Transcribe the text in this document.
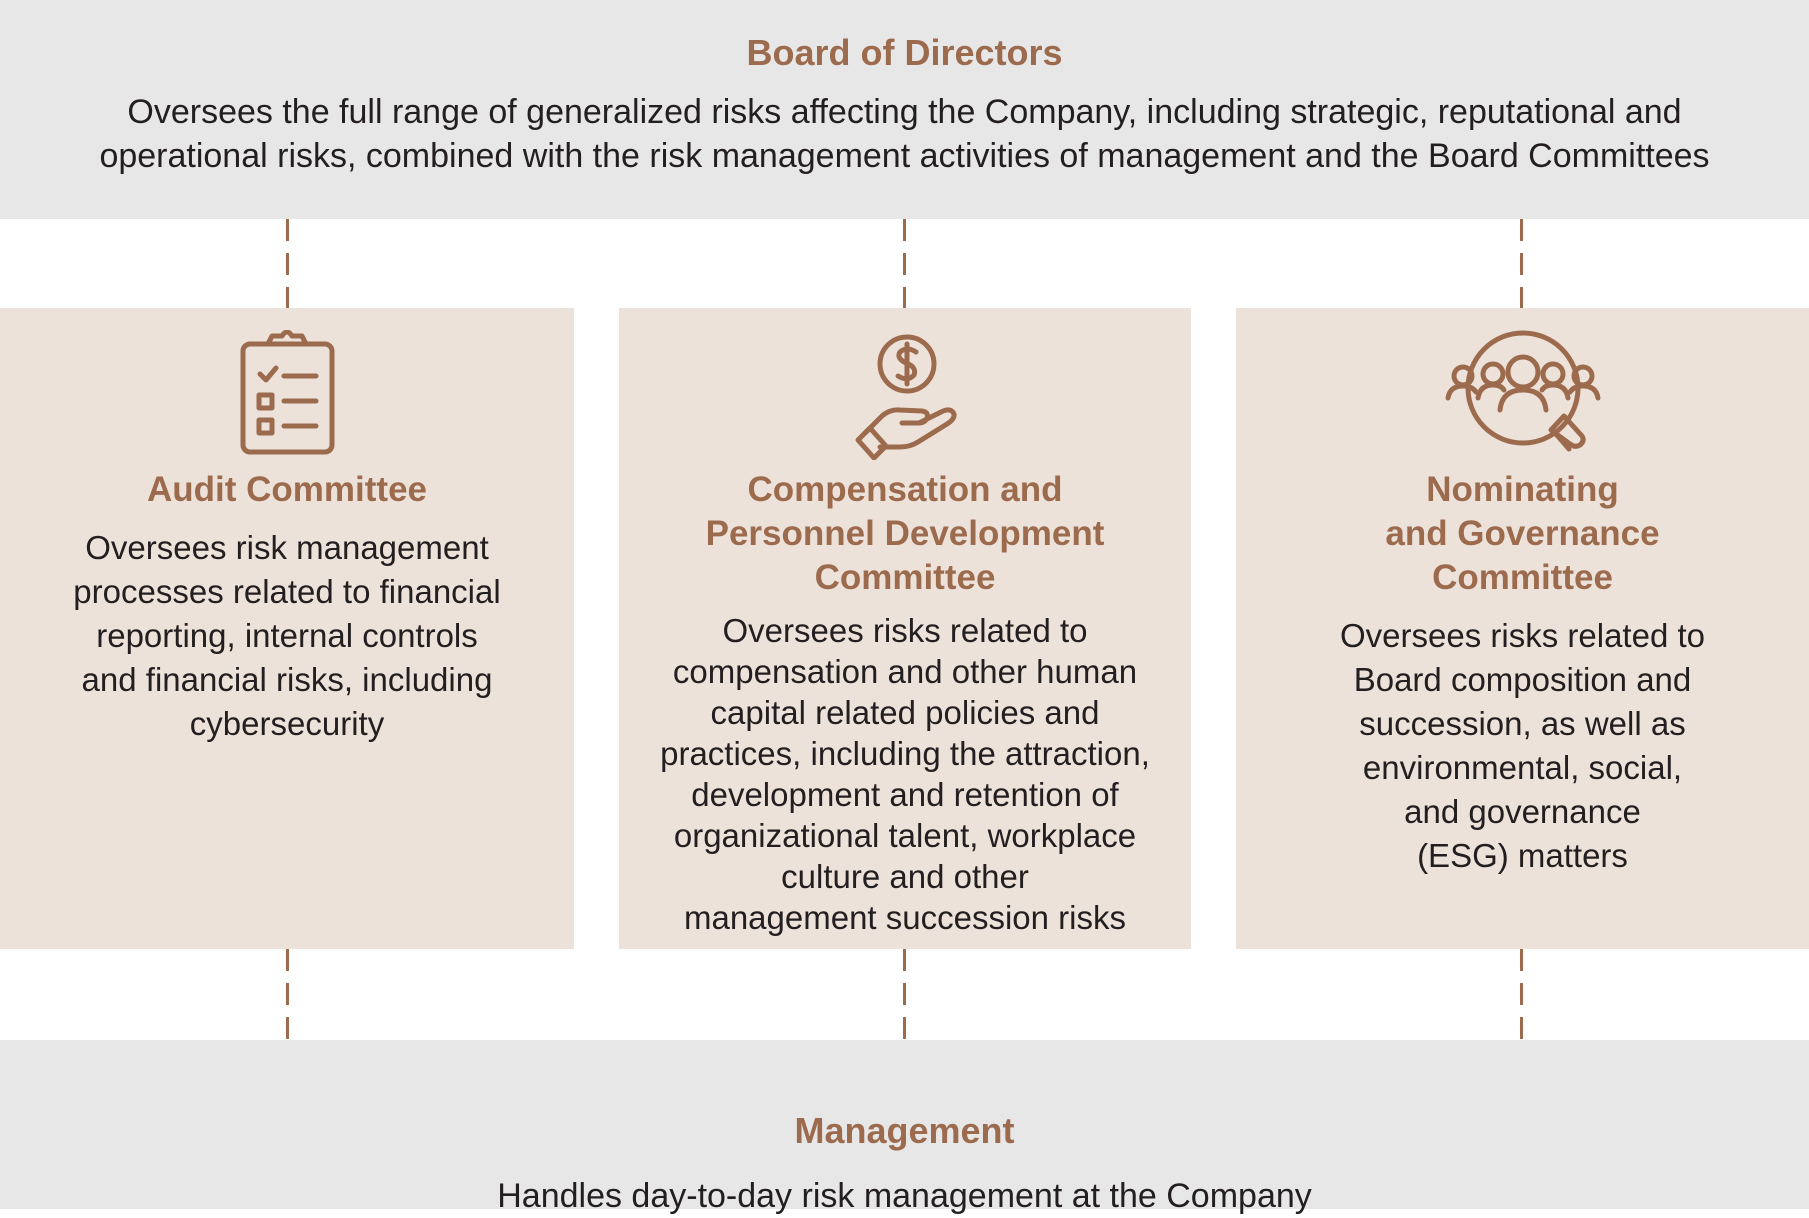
Board of Directors
Oversees the full range of generalized risks affecting the Company, including strategic, reputational and
operational risks, combined with the risk management activities of management and the Board Committees
Audit Committee
Oversees risk management
processes related to financial
reporting, internal controls
and financial risks, including
cybersecurity
Compensation and
Personnel Development
Committee
Oversees risks related to
compensation and other human
capital related policies and
practices, including the attraction,
development and retention of
organizational talent, workplace
culture and other
management succession risks
Nominating
and Governance
Committee
Oversees risks related to
Board composition and
succession, as well as
environmental, social,
and governance
(ESG) matters
Management
Handles day-to-day risk management at the Company
